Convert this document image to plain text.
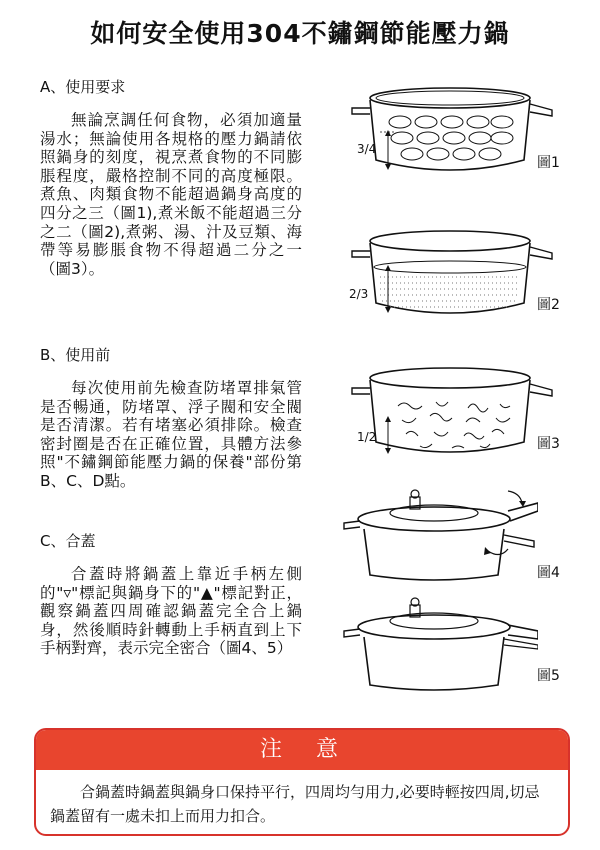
如何安全使用304不鏽鋼節能壓力鍋
A、使用要求
無論烹調任何食物，必須加適量湯水；無論使用各規格的壓力鍋請依照鍋身的刻度，視烹煮食物的不同膨脹程度，嚴格控制不同的高度極限。煮魚、肉類食物不能超過鍋身高度的四分之三（圖1),煮米飯不能超過三分之二（圖2),煮粥、湯、汁及豆類、海帶等易膨脹食物不得超過二分之一（圖3）。
B、使用前
每次使用前先檢查防堵罩排氣管是否暢通，防堵罩、浮子閥和安全閥是否清潔。若有堵塞必須排除。檢查密封圈是否在正確位置，具體方法參照"不鏽鋼節能壓力鍋的保養"部份第B、C、D點。
C、合蓋
合蓋時將鍋蓋上靠近手柄左側的"▿"標記與鍋身下的"▲"標記對正，觀察鍋蓋四周確認鍋蓋完全合上鍋身，然後順時針轉動上手柄直到上下手柄對齊，表示完全密合（圖4、5）
3/4
圖1
2/3
圖2
1/2	圖3
圖4
圖5
注　意
合鍋蓋時鍋蓋與鍋身口保持平行，四周均勻用力,必要時輕按四周,切忌鍋蓋留有一處未扣上而用力扣合。
